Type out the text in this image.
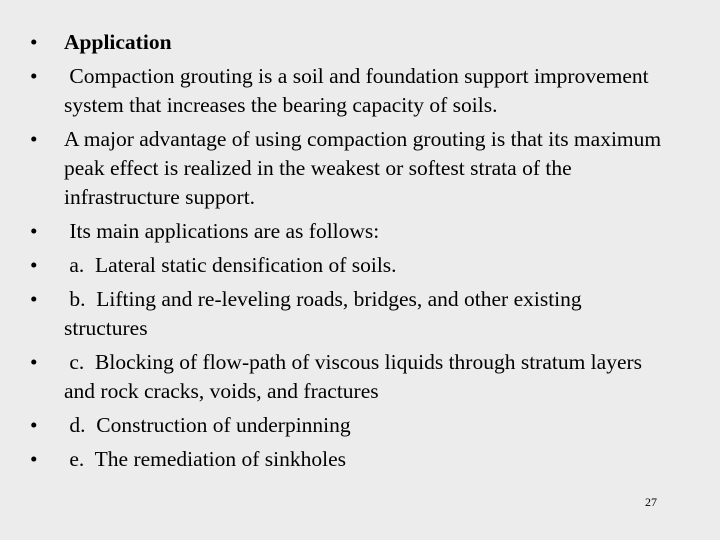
•	Application
•	Compaction grouting is a soil and foundation support improvement system that increases the bearing capacity of soils.
•	A major advantage of using compaction grouting is that its maximum peak effect is realized in the weakest or softest strata of the infrastructure support.
•	Its main applications are as follows:
•	a.  Lateral static densification of soils.
•	b.  Lifting and re-leveling roads, bridges, and other existing structures
•	c.  Blocking of flow-path of viscous liquids through stratum layers and rock cracks, voids, and fractures
•	d.  Construction of underpinning
•	e.  The remediation of sinkholes
27
